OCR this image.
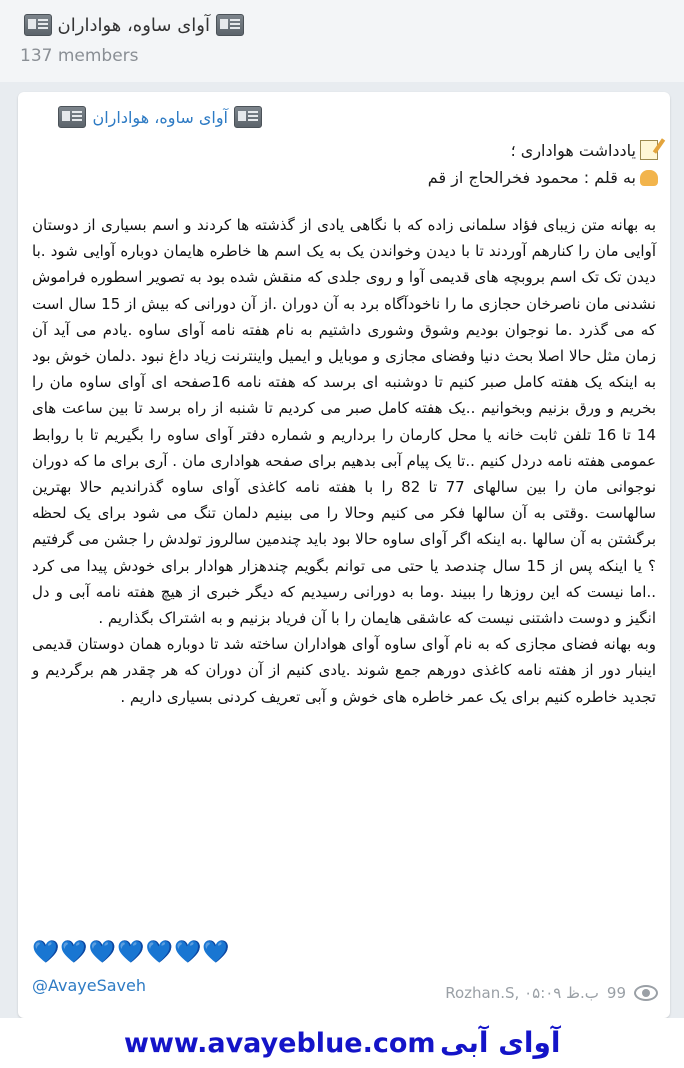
آوای ساوه، هواداران
137 members
آوای ساوه، هواداران
یادداشت هواداری ؛
به قلم : محمود فخرالحاج از قم

به بهانه متن زیبای فؤاد سلمانی زاده که با نگاهی یادی از گذشته ها کردند و اسم بسیاری از دوستان آوایی مان را کنارهم آوردند تا با دیدن وخواندن یک به یک اسم ها خاطره هایمان دوباره آوایی شود .با دیدن تک تک اسم بروبچه های قدیمی آوا و روی جلدی که منقش شده بود به تصویر اسطوره فراموش نشدنی مان ناصرخان حجازی ما را ناخودآگاه برد به آن دوران .از آن دورانی که بیش از 15 سال است که می گذرد .ما نوجوان بودیم وشوق وشوری داشتیم به نام هفته نامه آوای ساوه .یادم می آید آن زمان مثل حالا اصلا بحث دنیا وفضای مجازی و موبایل و ایمیل واینترنت زیاد داغ نبود .دلمان خوش بود به اینکه یک هفته کامل صبر کنیم تا دوشنبه ای برسد که هفته نامه 16صفحه ای آوای ساوه مان را بخریم و ورق بزنیم وبخوانیم ..یک هفته کامل صبر می کردیم تا شنبه از راه برسد تا بین ساعت های 14 تا 16 تلفن ثابت خانه یا محل کارمان را برداریم و شماره دفتر آوای ساوه را بگیریم تا با روابط عمومی هفته نامه دردل کنیم ..تا یک پیام آبی بدهیم برای صفحه هواداری مان . آری برای ما که دوران نوجوانی مان را بین سالهای 77 تا 82 را با هفته نامه کاغذی آوای ساوه گذراندیم حالا بهترین سالهاست .وقتی به آن سالها فکر می کنیم وحالا را می بینیم دلمان تنگ می شود برای یک لحظه برگشتن به آن سالها .به اینکه اگر آوای ساوه حالا بود باید چندمین سالروز تولدش را جشن می گرفتیم ؟ یا اینکه پس از 15 سال چندصد یا حتی می توانم بگویم چندهزار هوادار برای خودش پیدا می کرد ..اما نیست که این روزها را ببیند .وما به دورانی رسیدیم که دیگر خبری از هیچ هفته نامه آبی و دل انگیز و دوست داشتنی نیست که عاشقی هایمان را با آن فریاد بزنیم و به اشتراک بگذاریم .

وبه بهانه فضای مجازی که به نام آوای ساوه آوای هواداران ساخته شد تا دوباره همان دوستان قدیمی اینبار دور از هفته نامه کاغذی دورهم جمع شوند .یادی کنیم از آن دوران که هر چقدر هم برگردیم و تجدید خاطره کنیم برای یک عمر خاطره های خوش و آبی تعریف کردنی بسیاری داریم .

💙💙💙💙💙💙💙
@AvayeSaveh	Rozhan.S, ۰۵:۰۹ ب.ظ 99
www.avayeblue.com آوای آبی
